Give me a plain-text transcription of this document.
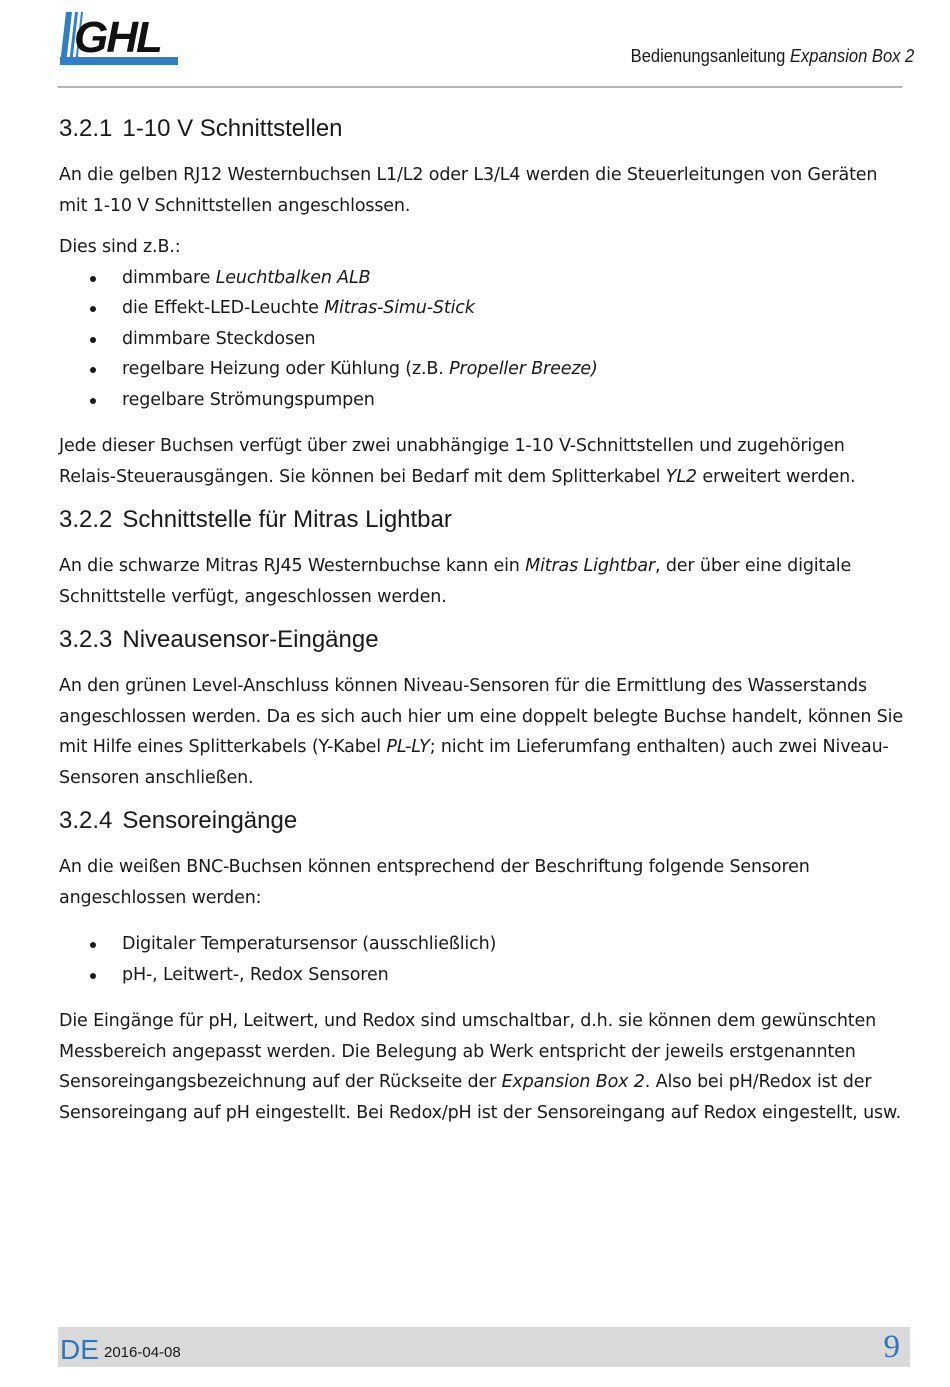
GHL	Bedienungsanleitung Expansion Box 2
3.2.1 1-10 V Schnittstellen

An die gelben RJ12 Westernbuchsen L1/L2 oder L3/L4 werden die Steuerleitungen von Geräten mit 1-10 V Schnittstellen angeschlossen.

Dies sind z.B.:

dimmbare Leuchtbalken ALB
die Effekt-LED-Leuchte Mitras-Simu-Stick
dimmbare Steckdosen
regelbare Heizung oder Kühlung (z.B. Propeller Breeze)
regelbare Strömungspumpen

Jede dieser Buchsen verfügt über zwei unabhängige 1-10 V-Schnittstellen und zugehörigen Relais-Steuerausgängen. Sie können bei Bedarf mit dem Splitterkabel YL2 erweitert werden.

3.2.2 Schnittstelle für Mitras Lightbar

An die schwarze Mitras RJ45 Westernbuchse kann ein Mitras Lightbar, der über eine digitale Schnittstelle verfügt, angeschlossen werden.

3.2.3 Niveausensor-Eingänge

An den grünen Level-Anschluss können Niveau-Sensoren für die Ermittlung des Wasserstands angeschlossen werden. Da es sich auch hier um eine doppelt belegte Buchse handelt, können Sie mit Hilfe eines Splitterkabels (Y-Kabel PL-LY; nicht im Lieferumfang enthalten) auch zwei Niveau-Sensoren anschließen.

3.2.4 Sensoreingänge

An die weißen BNC-Buchsen können entsprechend der Beschriftung folgende Sensoren angeschlossen werden:

Digitaler Temperatursensor (ausschließlich)
pH-, Leitwert-, Redox Sensoren

Die Eingänge für pH, Leitwert, und Redox sind umschaltbar, d.h. sie können dem gewünschten Messbereich angepasst werden. Die Belegung ab Werk entspricht der jeweils erstgenannten Sensoreingangsbezeichnung auf der Rückseite der Expansion Box 2. Also bei pH/Redox ist der Sensoreingang auf pH eingestellt. Bei Redox/pH ist der Sensoreingang auf Redox eingestellt, usw.

DE 2016-04-08	9
